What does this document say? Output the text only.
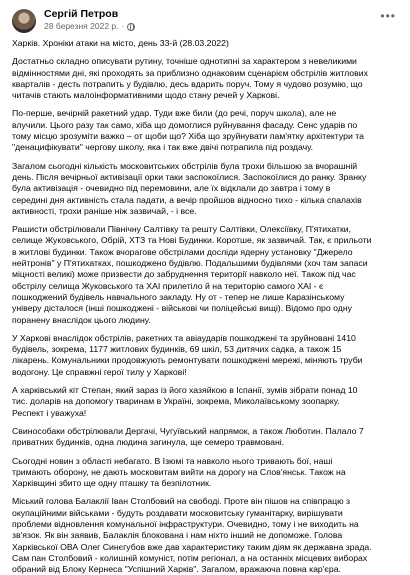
Сергій Петров
28 березня 2022 р. ·
•••

Харків. Хроніки атаки на місто, день 33-й (28.03.2022)

Достатньо складно описувати рутину, точніше однотипні за характером з невеликими
відмінностями дні, які проходять за приблизно однаковим сценарієм обстрілів житлових
кварталів - десть потрапить у будівлю, десь вдарить поруч. Тому я чудово розумію, що
читачів стають малоінформативними щодо стану речей у Харкові.

По-перше, вечірній ракетний удар. Туди вже били (до речі, поруч школа), але не
влучили. Цього разу так само, хіба що домоглися руйнування фасаду. Сенс ударів по
тому місцю зрозуміти важко – от щоби що? Хіба що зруйнувати пам'ятку архітектури та
"денацифікувати" чергову школу, яка і так вже двічі потрапила під роздачу.

Загалом сьогодні кількість московитських обстрілів була трохи більшою за вчорашній
день. Після вечірньої активізації орки таки заспокоїлися. Заспокоїлися до ранку. Зранку
була активізація - очевидно під перемовини, але їх відклали до завтра і тому в
середині дня активність стала падати, а вечір пройшов відносно тихо - кілька спалахів
активності, трохи раніше ніж зазвичай, - і все.

Рашисти обстрілювали Північну Салтівку та решту Салтівки, Олексіївку, П'ятихатки,
селище Жуковського, Обрій, ХТЗ та Нові Будинки. Коротше, як зазвичай. Так, є прильоти
в житлові будинки. Також вчорагове обстрілами досліди ядерну установку "Джерело
нейтронів" у П'ятихатках, пошкоджено будівлю. Подальшими будівлями (хоч там запаси
міцності великі) може призвести до забруднення території навколо неї. Також під час
обстрілу селища Жуковського та ХАІ прилетіло й на територію самого ХАІ - є
пошкоджений будівель навчального закладу. Ну от - тепер не лише Каразінському
універу дісталося (інші пошкоджені - військові чи поліцейські вищі). Відомо про одну
поранену внаслідок цього людину.

У Харкові внаслідок обстрілів, ракетних та авіаударів пошкоджені та зруйновані 1410
будівель, зокрема, 1177 житлових будинків, 69 шкіл, 53 дитячих садка, а також 15
лікарень. Комунальники продовжують ремонтувати пошкоджені мережі, міняють труби
водогону. Це справжні герої тилу у Харкові!

А харківський кіт Степан, який зараз із його хазяйкою в Іспанії, зумів зібрати понад 10
тис. доларів на допомогу тваринам в Україні, зокрема, Миколаївському зоопарку.
Респект і уважуха!

Свинособаки обстрілювали Дергачі, Чугуївський напрямок, а також Люботин. Палало 7
приватних будинків, одна людина загинула, ще семеро травмовані.

Сьогодні новин з області небагато. В Ізюмі та навколо нього тривають бої, наші
тримають оборону, не дають московитам вийти на дорогу на Слов'янськ. Також на
Харківщині збито ще одну пташку та безпілотник.

Міський голова Балаклії Іван Столбовий на свободі. Проте він пішов на співпрацю з
окупаційними військами - будуть роздавати московитську гуманітарку, вирішувати
проблеми відновлення комунальної інфраструктури. Очевидно, тому і не виходить на
зв'язок. Як він заявив, Балаклія блокована і нам ніхто інший не допоможе. Голова
Харківської ОВА Олег Синєгубов вже дав характеристику таким діям як державна зрада.
Сам пан Столбовий - колишній комуніст, потім регіонал, а на останніх місцевих виборах
обраний від Блоку Кернеса "Успішний Харків". Загалом, вражаюча повна кар'єра.
